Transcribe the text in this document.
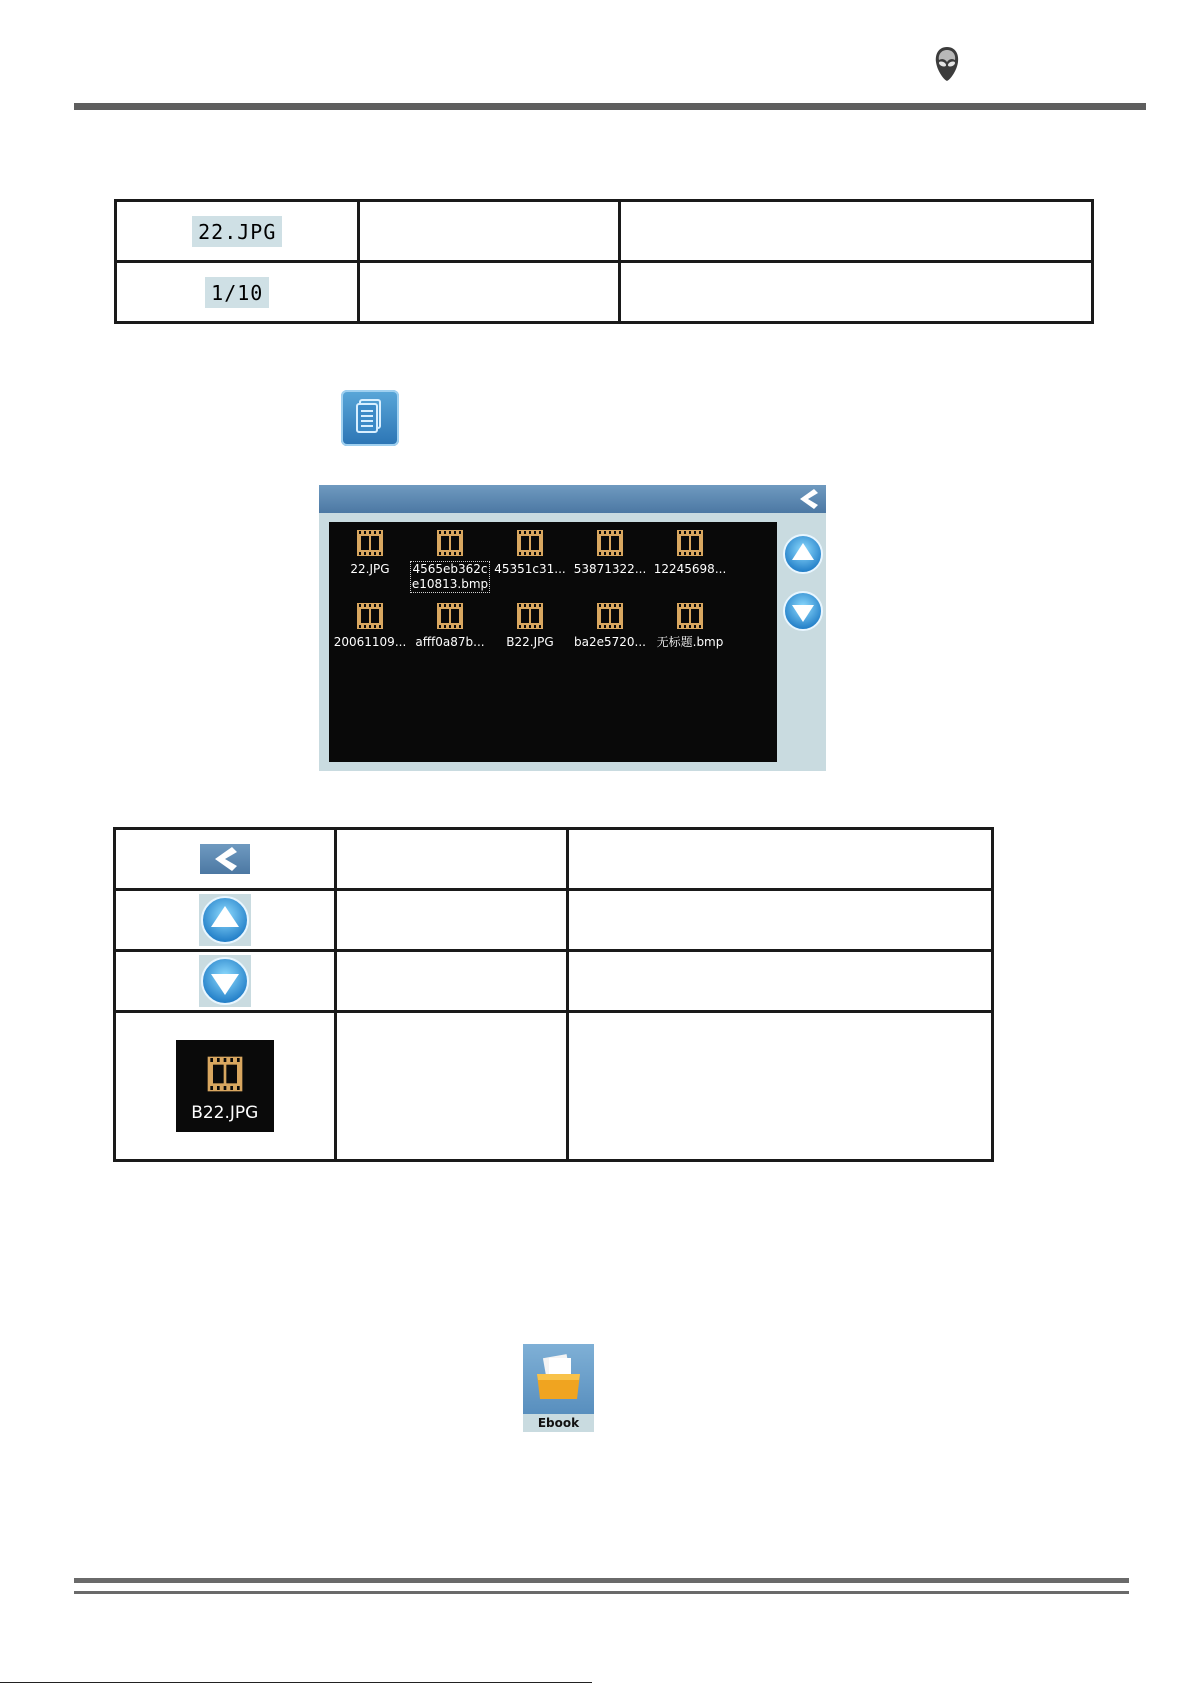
22.JPG		
1/10		
22.JPG	4565eb362ce10813.bmp
45351c31... 53871322... 12245698...
20061109... afff0a87b...	B22.JPG	ba2e5720... 无标题.bmp

B22.JPG		

Ebook
